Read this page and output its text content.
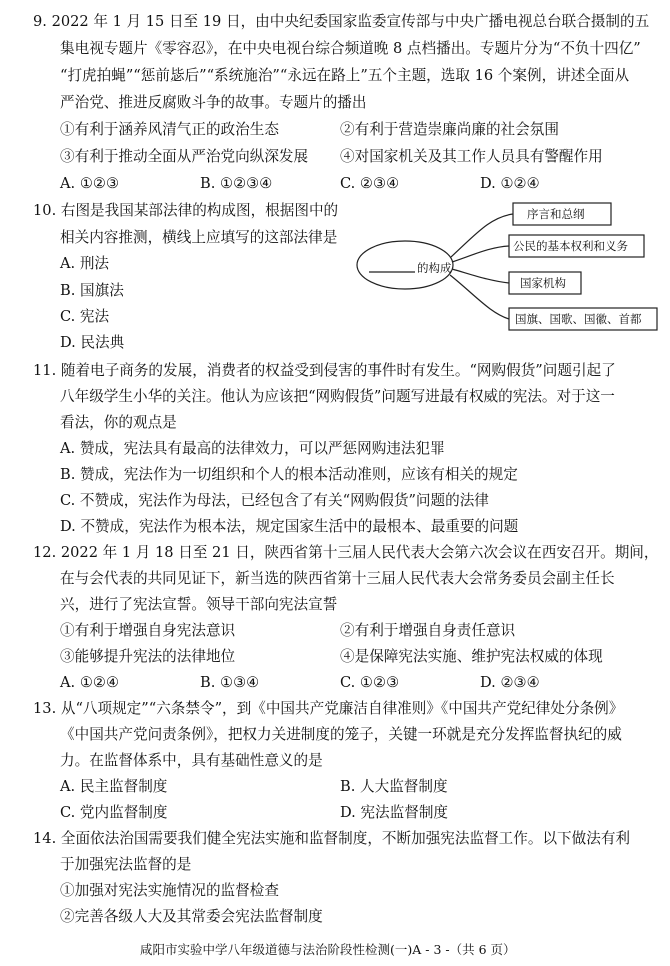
9. 2022 年 1 月 15 日至 19 日，由中央纪委国家监委宣传部与中央广播电视总台联合摄制的五
集电视专题片《零容忍》，在中央电视台综合频道晚 8 点档播出。专题片分为“不负十四亿”
“打虎拍蝇”“惩前毖后”“系统施治”“永远在路上”五个主题，选取 16 个案例，讲述全面从
严治党、推进反腐败斗争的故事。专题片的播出
①有利于涵养风清气正的政治生态	②有利于营造崇廉尚廉的社会氛围
③有利于推动全面从严治党向纵深发展 ④对国家机关及其工作人员具有警醒作用
A. ①②③	B. ①②③④	C. ②③④	D. ①②④
10. 右图是我国某部法律的构成图，根据图中的
相关内容推测，横线上应填写的这部法律是
A. 刑法
B. 国旗法
C. 宪法
D. 民法典
的构成
序言和总纲
公民的基本权利和义务
国家机构
国旗、国歌、国徽、首都
11. 随着电子商务的发展，消费者的权益受到侵害的事件时有发生。“网购假货”问题引起了
八年级学生小华的关注。他认为应该把“网购假货”问题写进最有权威的宪法。对于这一
看法，你的观点是
A. 赞成，宪法具有最高的法律效力，可以严惩网购违法犯罪
B. 赞成，宪法作为一切组织和个人的根本活动准则，应该有相关的规定
C. 不赞成，宪法作为母法，已经包含了有关“网购假货”问题的法律
D. 不赞成，宪法作为根本法，规定国家生活中的最根本、最重要的问题
12. 2022 年 1 月 18 日至 21 日，陕西省第十三届人民代表大会第六次会议在西安召开。期间，
在与会代表的共同见证下，新当选的陕西省第十三届人民代表大会常务委员会副主任长
兴，进行了宪法宣誓。领导干部向宪法宣誓
①有利于增强自身宪法意识	②有利于增强自身责任意识
③能够提升宪法的法律地位	④是保障宪法实施、维护宪法权威的体现
A. ①②④	B. ①③④	C. ①②③	D. ②③④
13. 从“八项规定”“六条禁令”，到《中国共产党廉洁自律准则》《中国共产党纪律处分条例》
《中国共产党问责条例》，把权力关进制度的笼子，关键一环就是充分发挥监督执纪的威
力。在监督体系中，具有基础性意义的是
A. 民主监督制度	B. 人大监督制度
C. 党内监督制度	D. 宪法监督制度
14. 全面依法治国需要我们健全宪法实施和监督制度，不断加强宪法监督工作。以下做法有利
于加强宪法监督的是
①加强对宪法实施情况的监督检查
②完善各级人大及其常委会宪法监督制度
咸阳市实验中学八年级道德与法治阶段性检测(一)A - 3 -（共 6 页）
